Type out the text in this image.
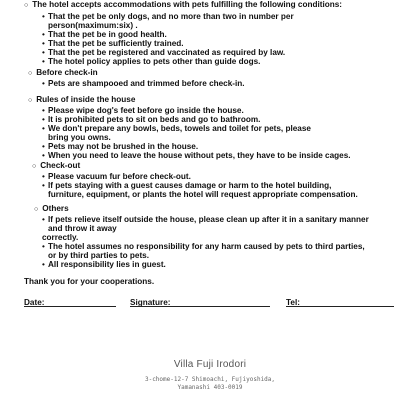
○ The hotel accepts accommodations with pets fulfilling the following conditions:
• That the pet be only dogs, and no more than two in number per
person(maximum:six) .
• That the pet be in good health.
• That the pet be sufficiently trained.
• That the pet be registered and vaccinated as required by law.
• The hotel policy applies to pets other than guide dogs.
○ Before check-in
• Pets are shampooed and trimmed before check-in.
○ Rules of inside the house
• Please wipe dog's feet before go inside the house.
• It is prohibited pets to sit on beds and go to bathroom.
• We don't prepare any bowls, beds, towels and toilet for pets, please
bring you owns.
• Pets may not be brushed in the house.
• When you need to leave the house without pets, they have to be inside cages.
○ Check-out
• Please vacuum fur before check-out.
• If pets staying with a guest causes damage or harm to the hotel building,
furniture, equipment, or plants the hotel will request appropriate compensation.
○ Others
• If pets relieve itself outside the house, please clean up after it in a sanitary manner
and throw it away
correctly.
• The hotel assumes no responsibility for any harm caused by pets to third parties,
or by third parties to pets.
• All responsibility lies in guest.
Thank you for your cooperations.
Date:	Signature:	Tel:
Villa Fuji Irodori
3-chome-12-7 Shimoachi, Fujiyoshida,
Yamanashi 403-0019
